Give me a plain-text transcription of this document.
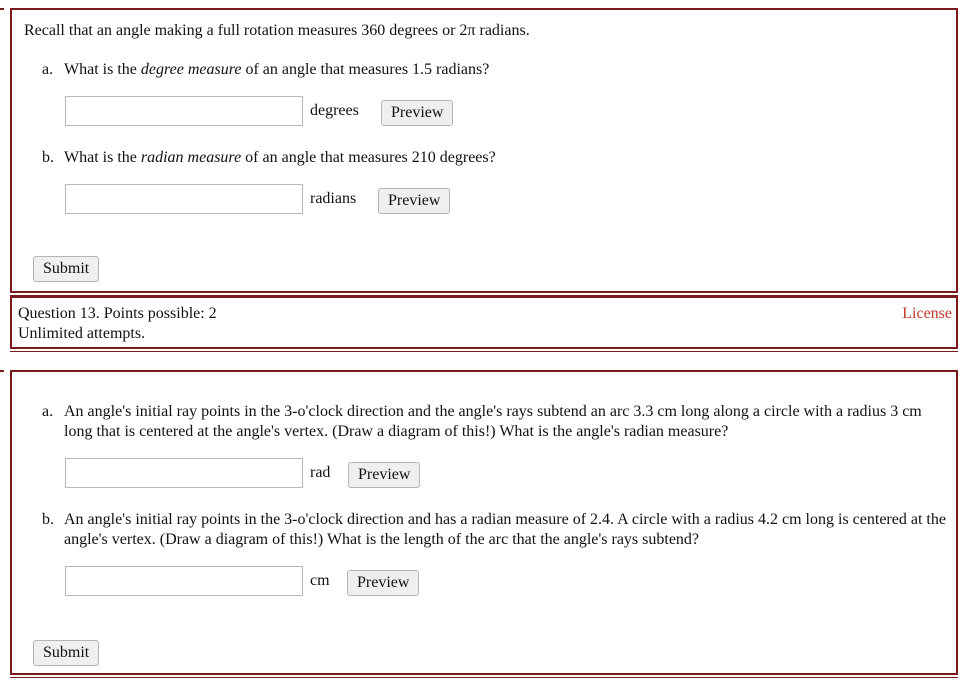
Recall that an angle making a full rotation measures 360 degrees or 2π radians.
a. What is the degree measure of an angle that measures 1.5 radians?
degrees	Preview
b. What is the radian measure of an angle that measures 210 degrees?
radians	Preview
Submit
Question 13. Points possible: 2
Unlimited attempts.
License
a. An angle's initial ray points in the 3-o'clock direction and the angle's rays subtend an arc 3.3 cm long along a circle with a radius 3 cm long that is centered at the angle's vertex. (Draw a diagram of this!) What is the angle's radian measure?
rad	Preview
b. An angle's initial ray points in the 3-o'clock direction and has a radian measure of 2.4. A circle with a radius 4.2 cm long is centered at the angle's vertex. (Draw a diagram of this!) What is the length of the arc that the angle's rays subtend?
cm	Preview
Submit
